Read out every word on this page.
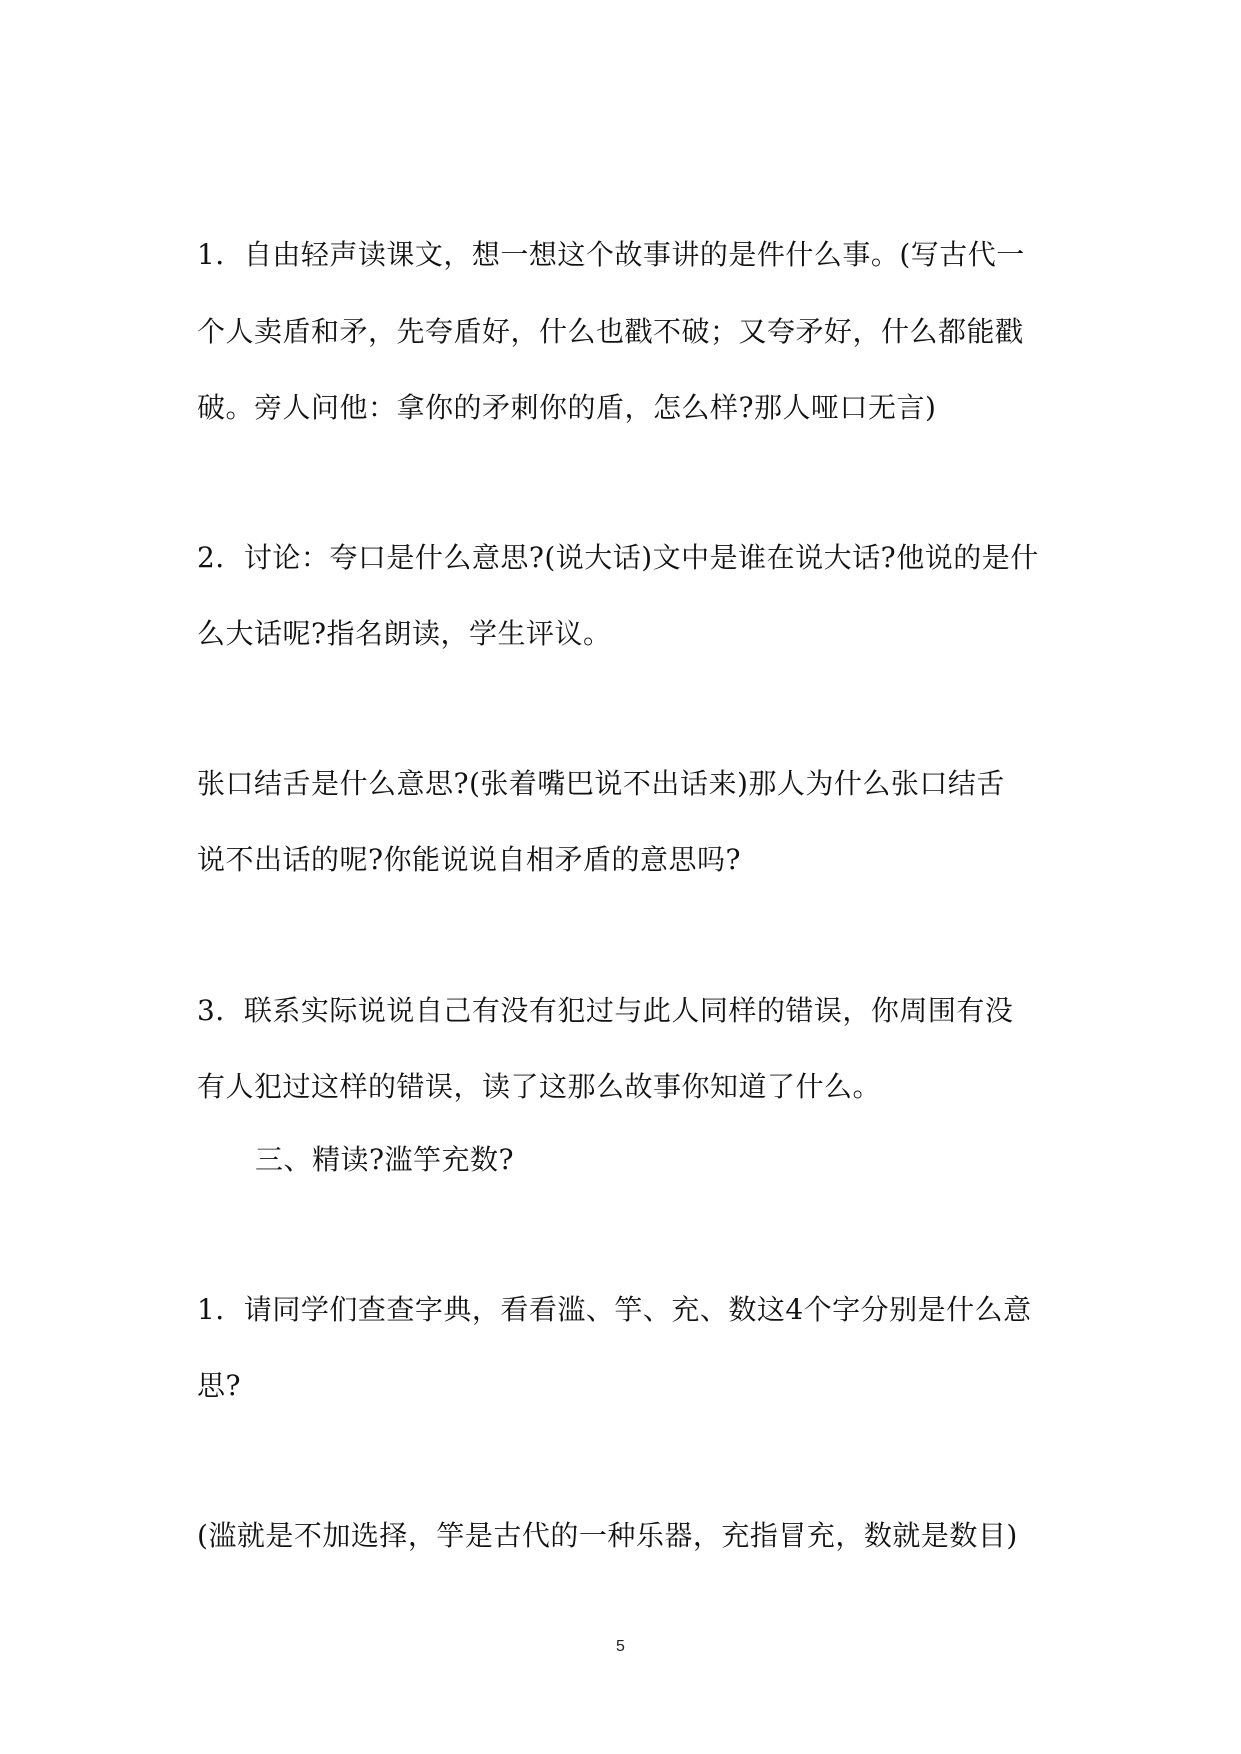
1．自由轻声读课文，想一想这个故事讲的是件什么事。(写古代一
个人卖盾和矛，先夸盾好，什么也戳不破；又夸矛好，什么都能戳
破。旁人问他：拿你的矛刺你的盾，怎么样?那人哑口无言)
2．讨论：夸口是什么意思?(说大话)文中是谁在说大话?他说的是什
么大话呢?指名朗读，学生评议。
张口结舌是什么意思?(张着嘴巴说不出话来)那人为什么张口结舌
说不出话的呢?你能说说自相矛盾的意思吗?
3．联系实际说说自己有没有犯过与此人同样的错误，你周围有没
有人犯过这样的错误，读了这那么故事你知道了什么。
三、精读?滥竽充数?
1．请同学们查查字典，看看滥、竽、充、数这4个字分别是什么意
思?
(滥就是不加选择，竽是古代的一种乐器，充指冒充，数就是数目)
5
